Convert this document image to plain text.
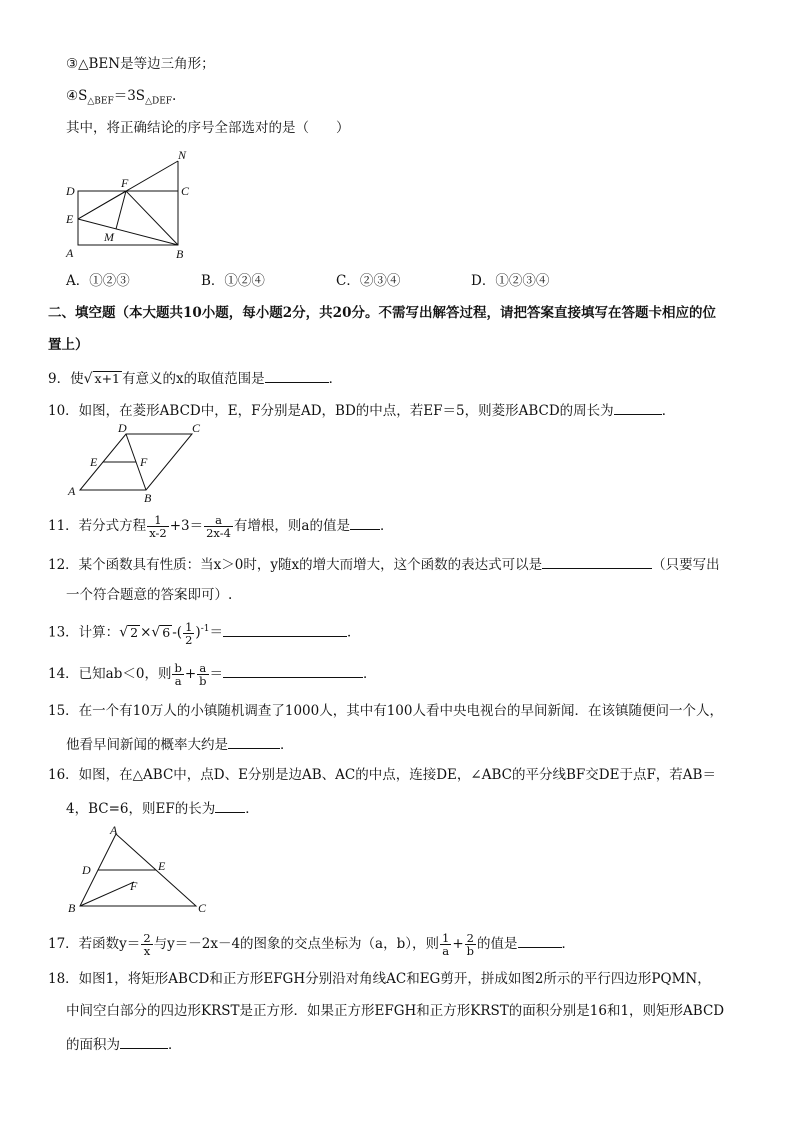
③△BEN是等边三角形；
$④S_{\triangle BEF}=3S_{\triangle DEF}$.
其中，将正确结论的序号全部选对的是（　　）
D
F
C
N
E
M
A	B
A．①②③	B．①②④	C．②③④	D．①②③④
二、填空题（本大题共10小题，每小题2分，共20分。不需写出解答过程，请把答案直接填写在答题卡相应的位
置上）
9．使√ x+1 有意义的x的取值范围是	．
10．如图，在菱形ABCD中，E，F分别是AD，BD的中点，若EF＝5，则菱形ABCD的周长为	．
D	C
E	F
A	B
11．若分式方程 $\frac{1}{x-2} +3= \frac{a}{2x-4}$ 有增根，则a的值是 ．
12．某个函数具有性质：当x＞0时，y随x的增大而增大，这个函数的表达式可以是	（只要写出
一个符合题意的答案即可）.
13．计算：√ 2 ×√ 6 -( $\frac{1}{2} )^{-1}=$	．
14．已知ab＜0，则 $\frac{b}{a} + \frac{a}{b}$ ＝	．
15．在一个有10万人的小镇随机调查了1000人，其中有100人看中央电视台的早间新闻．在该镇随便问一个人，
他看早间新闻的概率大约是	．
16．如图，在△ABC中，点D、E分别是边AB、AC的中点，连接DE，∠ABC的平分线BF交DE于点F，若AB＝
4，BC=6，则EF的长为 ．
A
D	E
F
B	C
17．若函数$y= \frac{2}{x}$ 与y＝－2x－4的图象的交点坐标为（a，b），则 $\frac{1}{a} + \frac{2}{b}$ 的值是	．
18．如图1，将矩形ABCD和正方形EFGH分别沿对角线AC和EG剪开，拼成如图2所示的平行四边形PQMN，
中间空白部分的四边形KRST是正方形．如果正方形EFGH和正方形KRST的面积分别是16和1，则矩形ABCD
的面积为	．
